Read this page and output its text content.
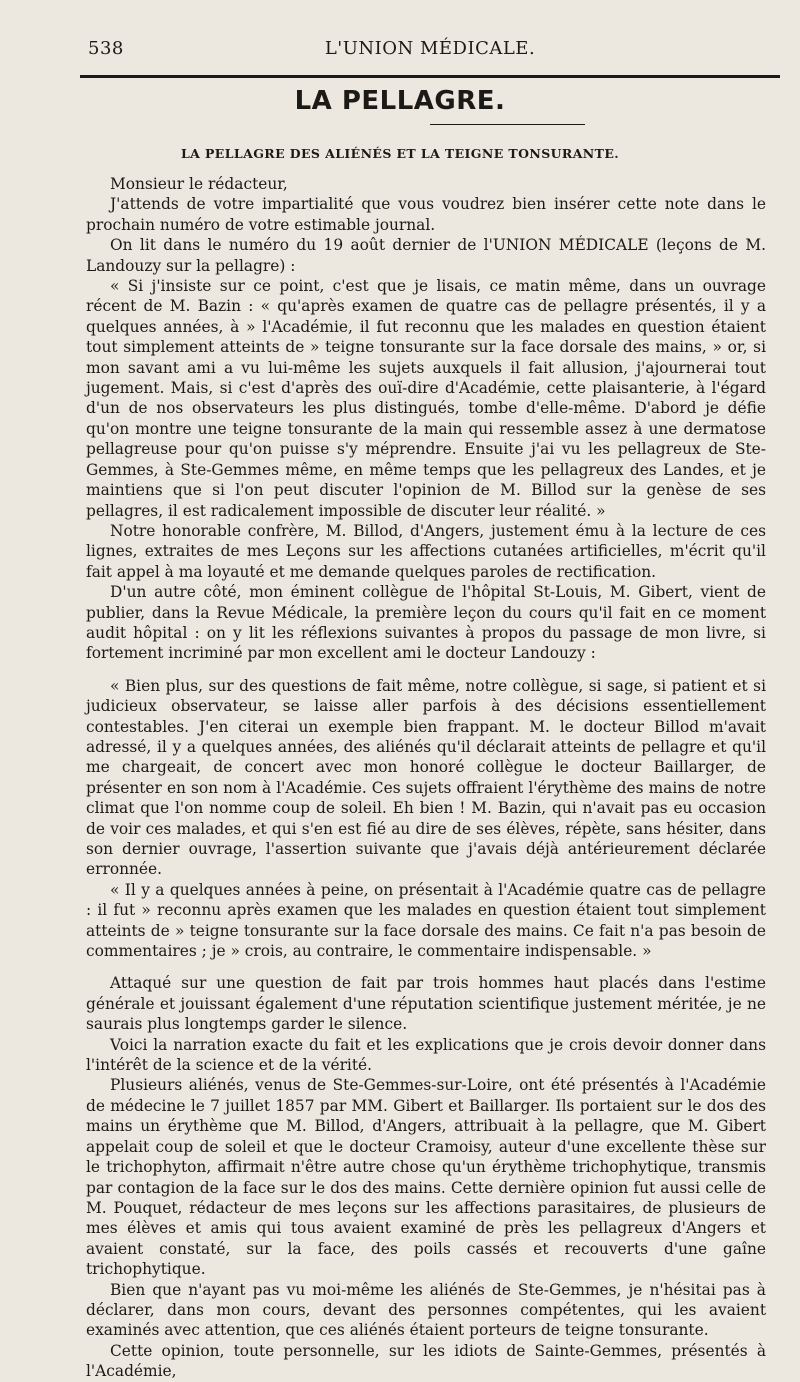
538	L'UNION MÉDICALE.
LA PELLAGRE.
LA PELLAGRE DES ALIÉNÉS ET LA TEIGNE TONSURANTE.

Monsieur le rédacteur,

J'attends de votre impartialité que vous voudrez bien insérer cette note dans le prochain numéro de votre estimable journal.

On lit dans le numéro du 19 août dernier de l'UNION MÉDICALE (leçons de M. Landouzy sur la pellagre) :

« Si j'insiste sur ce point, c'est que je lisais, ce matin même, dans un ouvrage récent de M. Bazin : « qu'après examen de quatre cas de pellagre présentés, il y a quelques années, à » l'Académie, il fut reconnu que les malades en question étaient tout simplement atteints de » teigne tonsurante sur la face dorsale des mains, » or, si mon savant ami a vu lui-même les sujets auxquels il fait allusion, j'ajournerai tout jugement. Mais, si c'est d'après des ouï-dire d'Académie, cette plaisanterie, à l'égard d'un de nos observateurs les plus distingués, tombe d'elle-même. D'abord je défie qu'on montre une teigne tonsurante de la main qui ressemble assez à une dermatose pellagreuse pour qu'on puisse s'y méprendre. Ensuite j'ai vu les pellagreux de Ste-Gemmes, à Ste-Gemmes même, en même temps que les pellagreux des Landes, et je maintiens que si l'on peut discuter l'opinion de M. Billod sur la genèse de ses pellagres, il est radicalement impossible de discuter leur réalité. »

Notre honorable confrère, M. Billod, d'Angers, justement ému à la lecture de ces lignes, extraites de mes Leçons sur les affections cutanées artificielles, m'écrit qu'il fait appel à ma loyauté et me demande quelques paroles de rectification.

D'un autre côté, mon éminent collègue de l'hôpital St-Louis, M. Gibert, vient de publier, dans la Revue Médicale, la première leçon du cours qu'il fait en ce moment audit hôpital : on y lit les réflexions suivantes à propos du passage de mon livre, si fortement incriminé par mon excellent ami le docteur Landouzy :

« Bien plus, sur des questions de fait même, notre collègue, si sage, si patient et si judicieux observateur, se laisse aller parfois à des décisions essentiellement contestables. J'en citerai un exemple bien frappant. M. le docteur Billod m'avait adressé, il y a quelques années, des aliénés qu'il déclarait atteints de pellagre et qu'il me chargeait, de concert avec mon honoré collègue le docteur Baillarger, de présenter en son nom à l'Académie. Ces sujets offraient l'érythème des mains de notre climat que l'on nomme coup de soleil. Eh bien ! M. Bazin, qui n'avait pas eu occasion de voir ces malades, et qui s'en est fié au dire de ses élèves, répète, sans hésiter, dans son dernier ouvrage, l'assertion suivante que j'avais déjà antérieurement déclarée erronnée.

« Il y a quelques années à peine, on présentait à l'Académie quatre cas de pellagre : il fut » reconnu après examen que les malades en question étaient tout simplement atteints de » teigne tonsurante sur la face dorsale des mains. Ce fait n'a pas besoin de commentaires ; je » crois, au contraire, le commentaire indispensable. »

Attaqué sur une question de fait par trois hommes haut placés dans l'estime générale et jouissant également d'une réputation scientifique justement méritée, je ne saurais plus longtemps garder le silence.

Voici la narration exacte du fait et les explications que je crois devoir donner dans l'intérêt de la science et de la vérité.

Plusieurs aliénés, venus de Ste-Gemmes-sur-Loire, ont été présentés à l'Académie de médecine le 7 juillet 1857 par MM. Gibert et Baillarger. Ils portaient sur le dos des mains un érythème que M. Billod, d'Angers, attribuait à la pellagre, que M. Gibert appelait coup de soleil et que le docteur Cramoisy, auteur d'une excellente thèse sur le trichophyton, affirmait n'être autre chose qu'un érythème trichophytique, transmis par contagion de la face sur le dos des mains. Cette dernière opinion fut aussi celle de M. Pouquet, rédacteur de mes leçons sur les affections parasitaires, de plusieurs de mes élèves et amis qui tous avaient examiné de près les pellagreux d'Angers et avaient constaté, sur la face, des poils cassés et recouverts d'une gaîne trichophytique.

Bien que n'ayant pas vu moi-même les aliénés de Ste-Gemmes, je n'hésitai pas à déclarer, dans mon cours, devant des personnes compétentes, qui les avaient examinés avec attention, que ces aliénés étaient porteurs de teigne tonsurante.

Cette opinion, toute personnelle, sur les idiots de Sainte-Gemmes, présentés à l'Académie,
